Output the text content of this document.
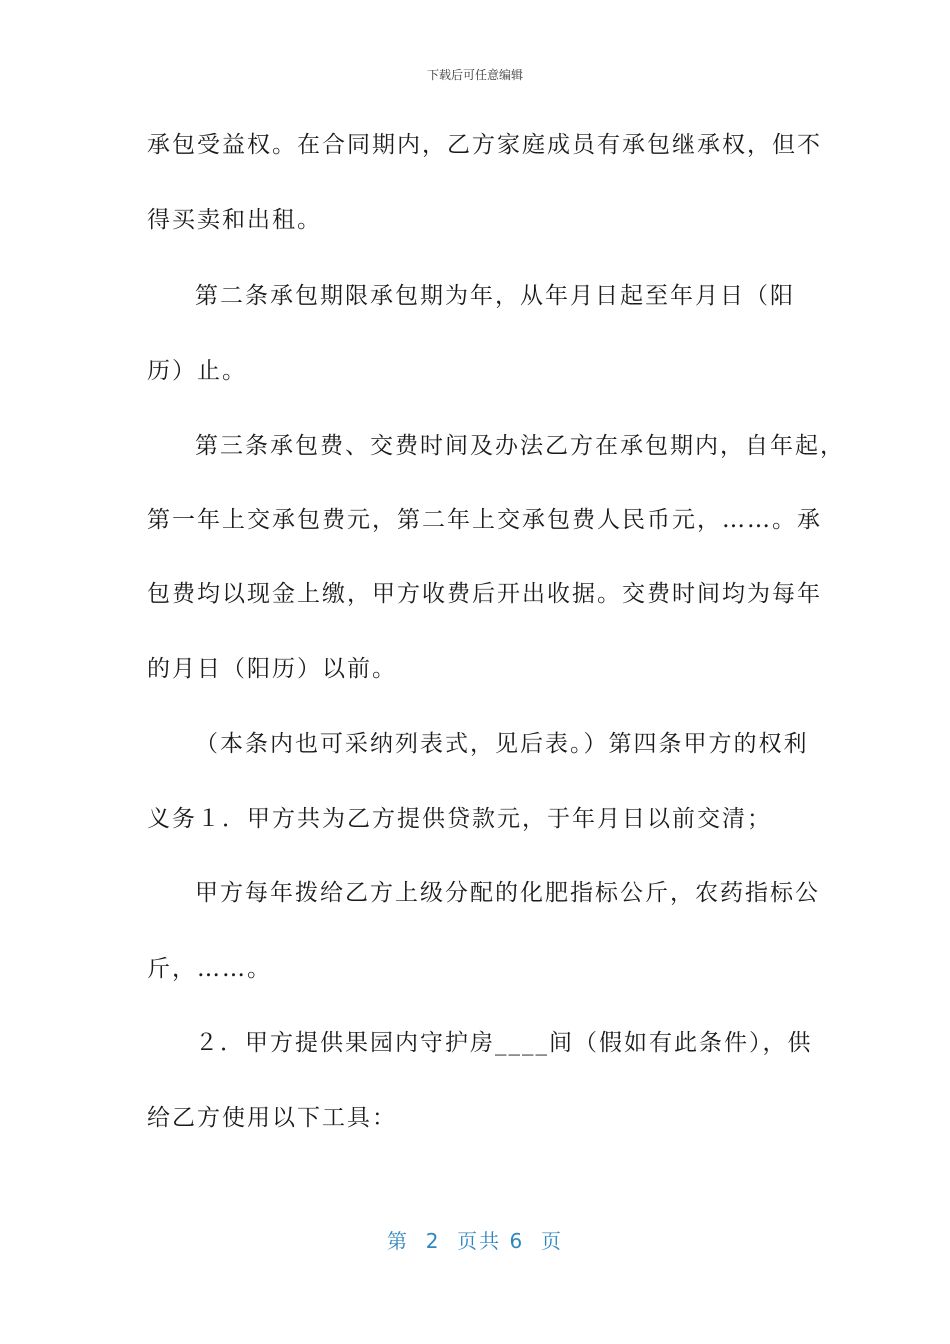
下载后可任意编辑
承包受益权。在合同期内，乙方家庭成员有承包继承权，但不
得买卖和出租。
第二条承包期限承包期为年，从年月日起至年月日（阳
历）止。
第三条承包费、交费时间及办法乙方在承包期内，自年起，
第一年上交承包费元，第二年上交承包费人民币元，……。承
包费均以现金上缴，甲方收费后开出收据。交费时间均为每年
的月日（阳历）以前。
（本条内也可采纳列表式，见后表。）第四条甲方的权利
义务１．甲方共为乙方提供贷款元，于年月日以前交清；
甲方每年拨给乙方上级分配的化肥指标公斤，农药指标公
斤，……。
２．甲方提供果园内守护房____间（假如有此条件），供
给乙方使用以下工具：
第  2  页共 6  页
